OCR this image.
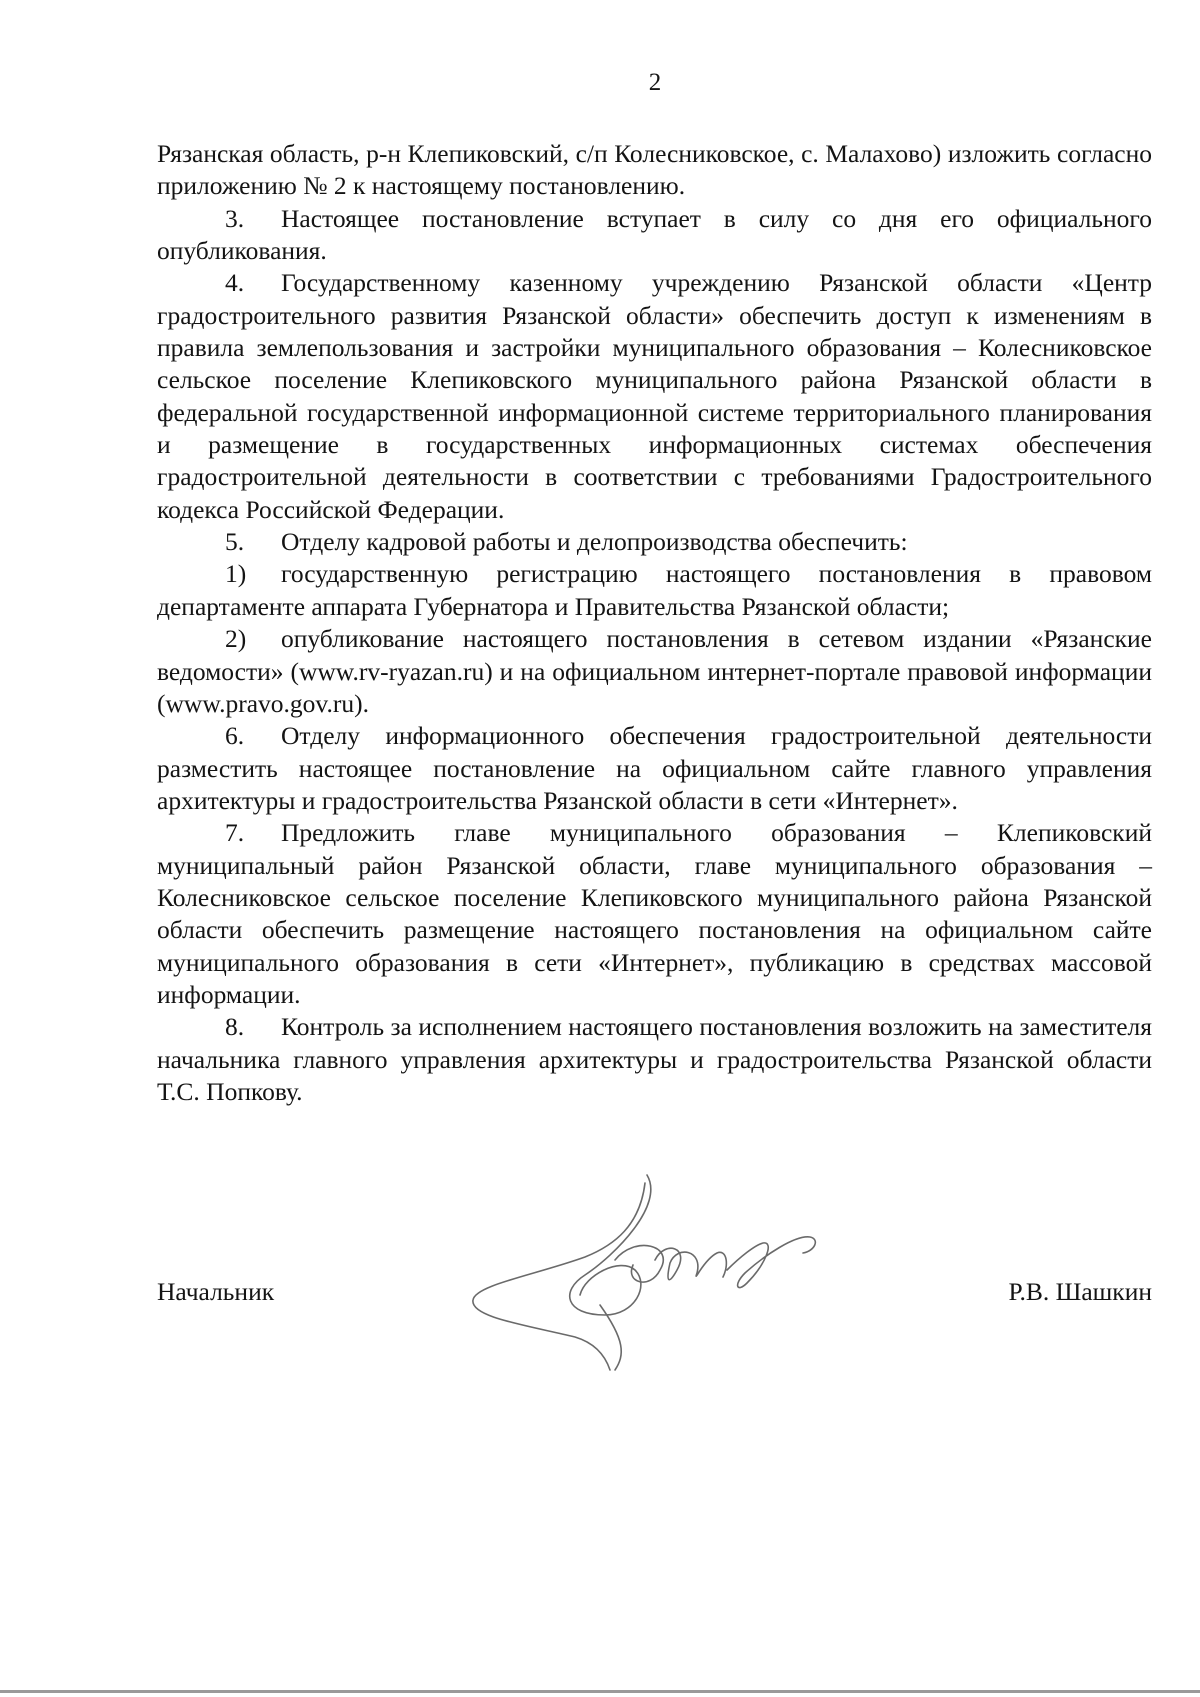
2

Рязанская область, р-н Клепиковский, с/п Колесниковское, с. Малахово) изложить согласно приложению № 2 к настоящему постановлению.

3. Настоящее постановление вступает в силу со дня его официального опубликования.

4. Государственному казенному учреждению Рязанской области «Центр градостроительного развития Рязанской области» обеспечить доступ к изменениям в правила землепользования и застройки муниципального образования – Колесниковское сельское поселение Клепиковского муниципального района Рязанской области в федеральной государственной информационной системе территориального планирования и размещение в государственных информационных системах обеспечения градостроительной деятельности в соответствии с требованиями Градостроительного кодекса Российской Федерации.

5. Отделу кадровой работы и делопроизводства обеспечить:

1) государственную регистрацию настоящего постановления в правовом департаменте аппарата Губернатора и Правительства Рязанской области;

2) опубликование настоящего постановления в сетевом издании «Рязанские ведомости» (www.rv-ryazan.ru) и на официальном интернет-портале правовой информации (www.pravo.gov.ru).

6. Отделу информационного обеспечения градостроительной деятельности разместить настоящее постановление на официальном сайте главного управления архитектуры и градостроительства Рязанской области в сети «Интернет».

7. Предложить главе муниципального образования – Клепиковский муниципальный район Рязанской области, главе муниципального образования – Колесниковское сельское поселение Клепиковского муниципального района Рязанской области обеспечить размещение настоящего постановления на официальном сайте муниципального образования в сети «Интернет», публикацию в средствах массовой информации.

8. Контроль за исполнением настоящего постановления возложить на заместителя начальника главного управления архитектуры и градостроительства Рязанской области Т.С. Попкову.

Начальник	Р.В. Шашкин
